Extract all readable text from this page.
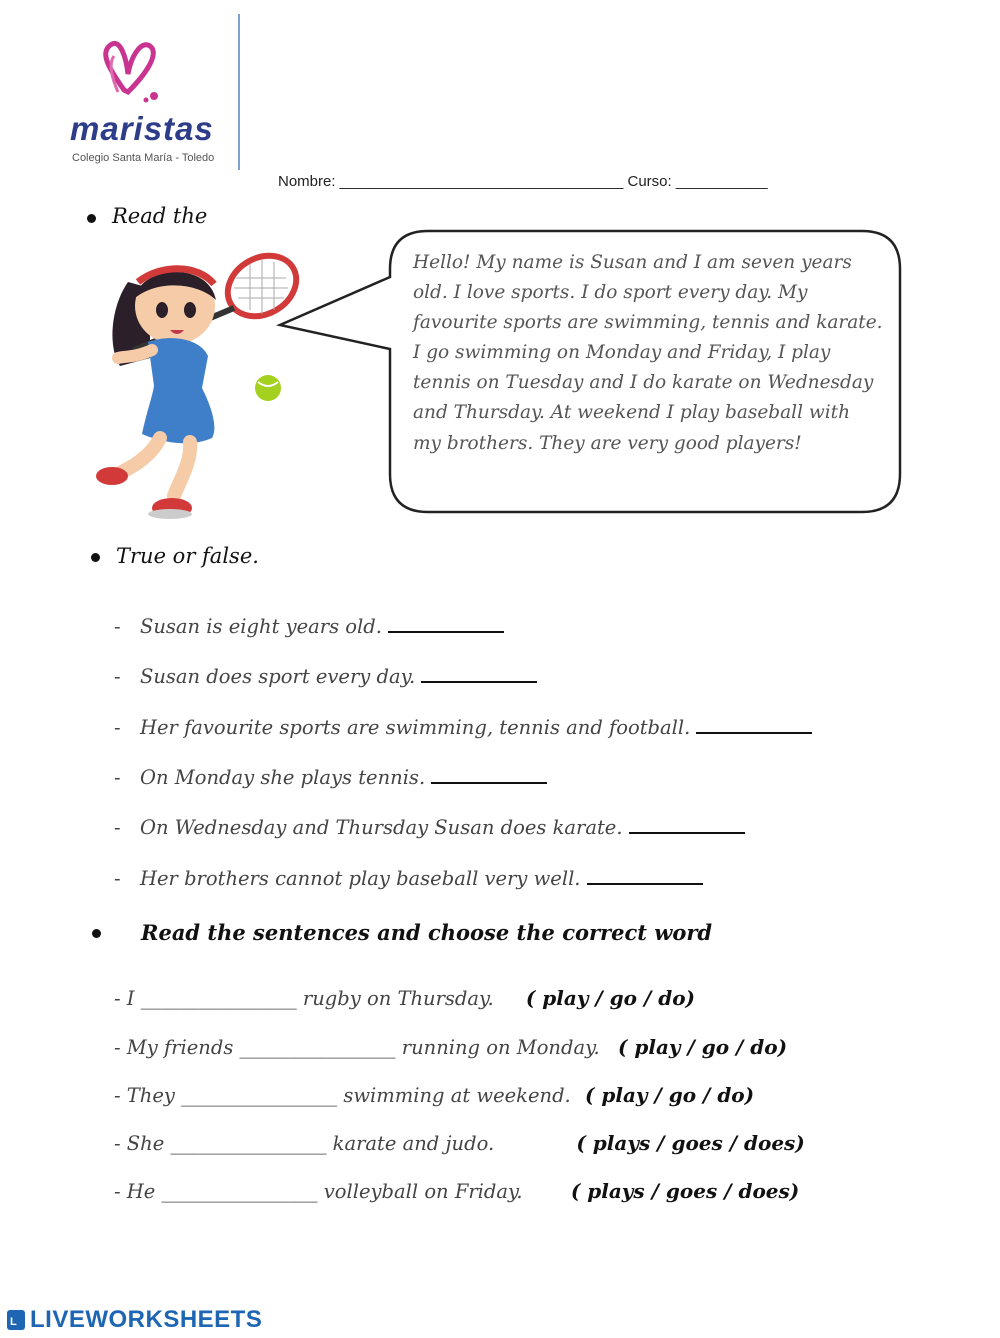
maristas
Colegio Santa María - Toledo
Nombre: __________________________________ Curso: ___________
Read the
Hello! My name is Susan and I am seven years old. I love sports. I do sport every day. My favourite sports are swimming, tennis and karate. I go swimming on Monday and Friday, I play tennis on Tuesday and I do karate on Wednesday and Thursday. At weekend I play baseball with my brothers. They are very good players!
True or false.
- Susan is eight years old.
- Susan does sport every day.
- Her favourite sports are swimming, tennis and football.
- On Monday she plays tennis.
- On Wednesday and Thursday Susan does karate.
- Her brothers cannot play baseball very well.
Read the sentences and choose the correct word
- I ________________ rugby on Thursday. ( play / go / do)
- My friends ________________ running on Monday. ( play / go / do)
- They ________________ swimming at weekend. ( play / go / do)
- She ________________ karate and judo.	( plays / goes / does)
- He ________________ volleyball on Friday. ( plays / goes / does)
L LIVEWORKSHEETS
